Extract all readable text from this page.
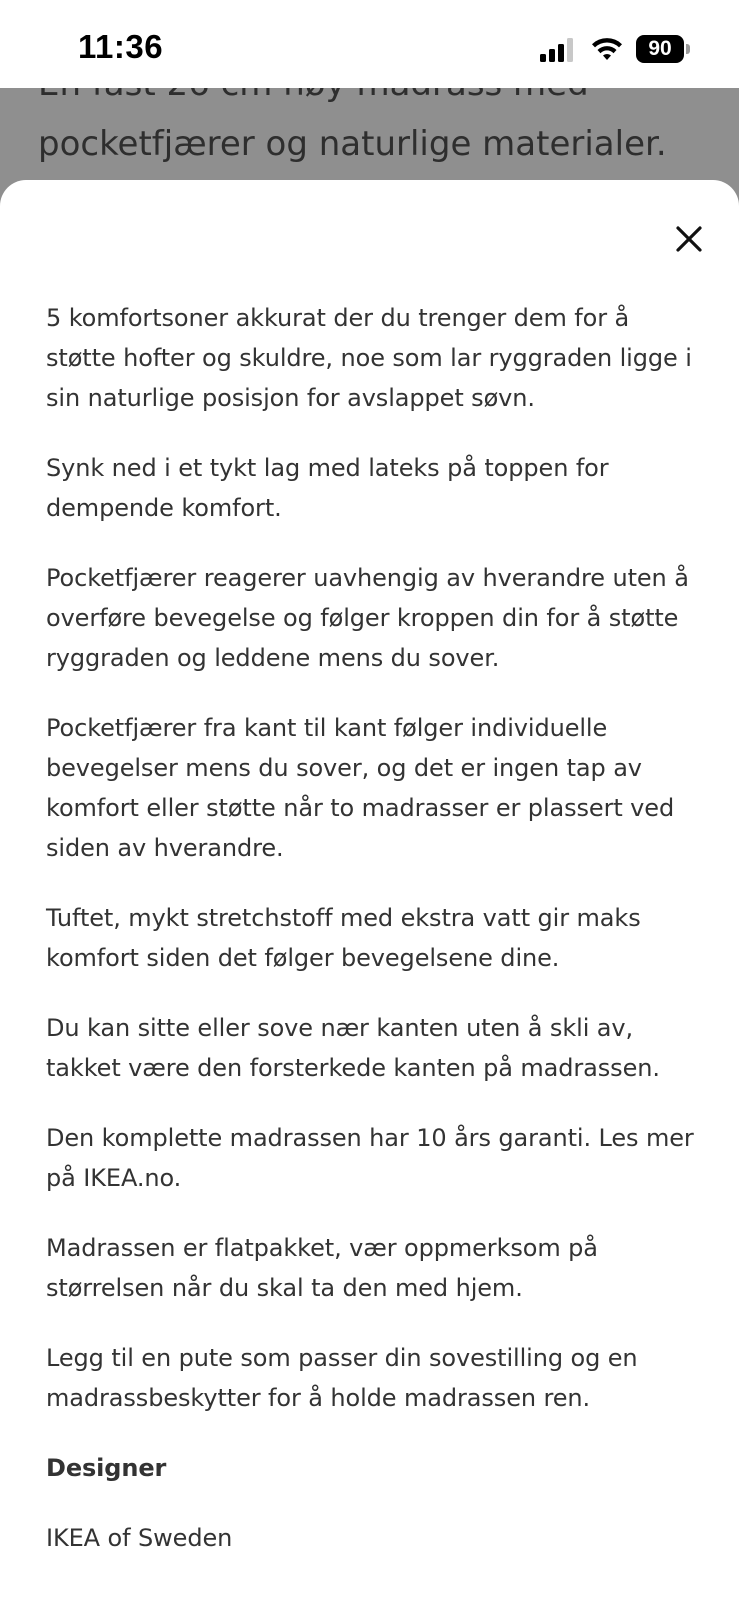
11:36	90

pocketfjærer og naturlige materialer.

5 komfortsoner akkurat der du trenger dem for å støtte hofter og skuldre, noe som lar ryggraden ligge i sin naturlige posisjon for avslappet søvn.

Synk ned i et tykt lag med lateks på toppen for dempende komfort.

Pocketfjærer reagerer uavhengig av hverandre uten å overføre bevegelse og følger kroppen din for å støtte ryggraden og leddene mens du sover.

Pocketfjærer fra kant til kant følger individuelle bevegelser mens du sover, og det er ingen tap av komfort eller støtte når to madrasser er plassert ved siden av hverandre.

Tuftet, mykt stretchstoff med ekstra vatt gir maks komfort siden det følger bevegelsene dine.

Du kan sitte eller sove nær kanten uten å skli av, takket være den forsterkede kanten på madrassen.

Den komplette madrassen har 10 års garanti. Les mer på IKEA.no.

Madrassen er flatpakket, vær oppmerksom på størrelsen når du skal ta den med hjem.

Legg til en pute som passer din sovestilling og en madrassbeskytter for å holde madrassen ren.

Designer

IKEA of Sweden
